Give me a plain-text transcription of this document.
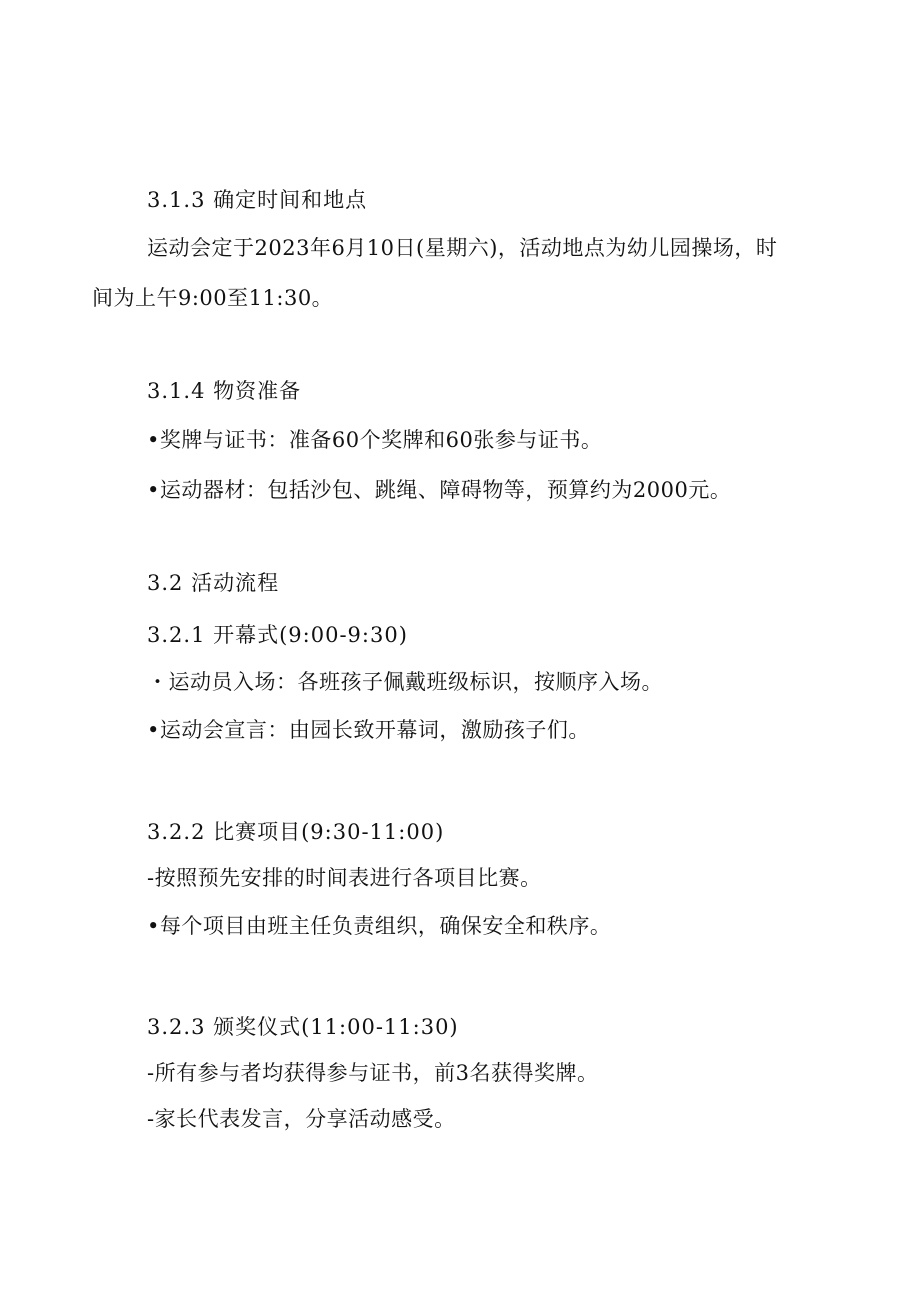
3.1.3 确定时间和地点
运动会定于2023年6月10日(星期六)，活动地点为幼儿园操场，时
间为上午9:00至11:30。
3.1.4 物资准备
•奖牌与证书：准备60个奖牌和60张参与证书。
•运动器材：包括沙包、跳绳、障碍物等，预算约为2000元。
3.2 活动流程
3.2.1 开幕式(9:00-9:30)
・运动员入场：各班孩子佩戴班级标识，按顺序入场。
•运动会宣言：由园长致开幕词，激励孩子们。
3.2.2 比赛项目(9:30-11:00)
-按照预先安排的时间表进行各项目比赛。
•每个项目由班主任负责组织，确保安全和秩序。
3.2.3 颁奖仪式(11:00-11:30)
-所有参与者均获得参与证书，前3名获得奖牌。
-家长代表发言，分享活动感受。
